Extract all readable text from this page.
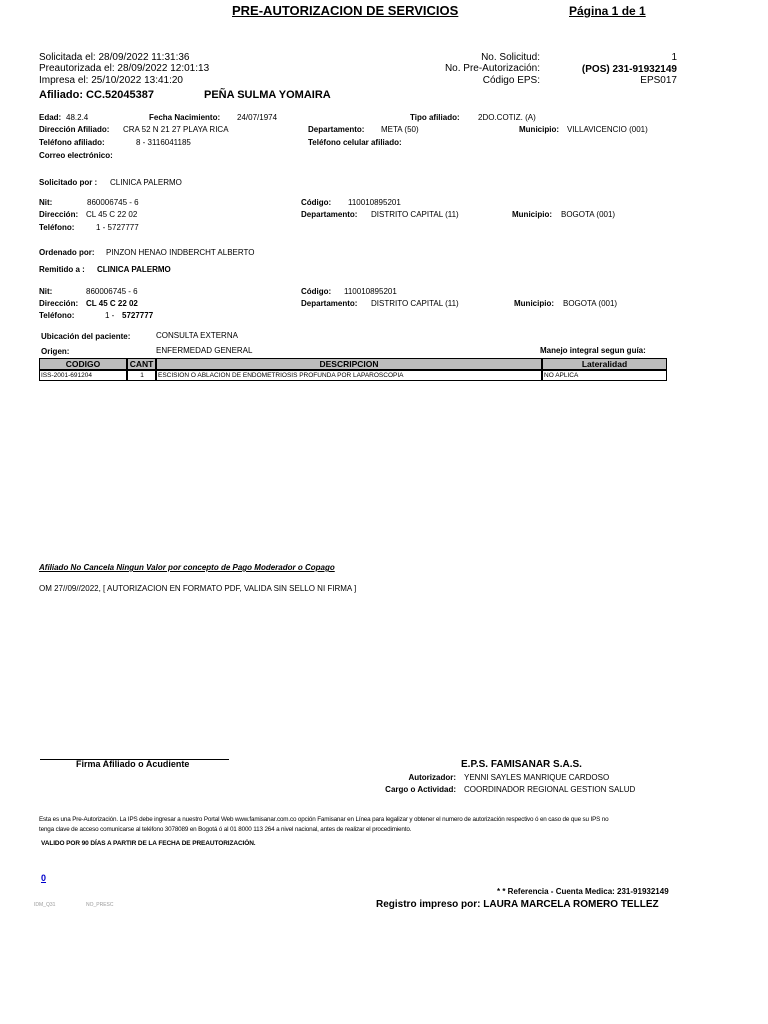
PRE-AUTORIZACION DE SERVICIOS	Página 1 de 1
Solicitada el: 28/09/2022 11:31:36
Preautorizada el: 28/09/2022 12:01:13
Impresa el: 25/10/2022 13:41:20
No. Solicitud:	1
No. Pre-Autorización:	(POS) 231-91932149
Código EPS:	EPS017
Afiliado: CC.52045387	PEÑA SULMA YOMAIRA
Edad: 48.2.4	Fecha Nacimiento: 24/07/1974	Tipo afiliado: 2DO.COTIZ. (A)
Dirección Afiliado: CRA 52 N 21 27 PLAYA RICA	Departamento: META (50)	Municipio: VILLAVICENCIO (001)
Teléfono afiliado:	8 - 3116041185	Teléfono celular afiliado:
Correo electrónico:
Solicitado por : CLINICA PALERMO
Nit:	860006745 - 6	Código: 110010895201
Dirección: CL 45 C 22 02	Departamento: DISTRITO CAPITAL (11)	Municipio: BOGOTA (001)
Teléfono:	1 - 5727777
Ordenado por: PINZON HENAO INDBERCHT ALBERTO
Remitido a : CLINICA PALERMO
Nit:	860006745 - 6	Código: 110010895201
Dirección: CL 45 C 22 02	Departamento: DISTRITO CAPITAL (11)	Municipio: BOGOTA (001)
Teléfono:	1 - 5727777
Ubicación del paciente:	CONSULTA EXTERNA
Origen:	ENFERMEDAD GENERAL	Manejo integral segun guía:
CODIGO	CANT	DESCRIPCION	Lateralidad
ISS-2001-691204	1	ESCISION O ABLACION DE ENDOMETRIOSIS PROFUNDA POR LAPAROSCOPIA	NO APLICA
Afiliado No Cancela Ningun Valor por concepto de Pago Moderador o Copago
OM 27//09//2022, [ AUTORIZACION EN FORMATO PDF, VALIDA SIN SELLO NI FIRMA ]
Firma Afiliado o Acudiente	E.P.S. FAMISANAR S.A.S.
Autorizador: YENNI SAYLES MANRIQUE CARDOSO
Cargo o Actividad: COORDINADOR REGIONAL GESTION SALUD
Esta es una Pre-Autorización. La IPS debe ingresar a nuestro Portal Web www.famisanar.com.co opción Famisanar en Línea para legalizar y obtener el numero de autorización respectivo ó en caso de que su IPS no
tenga clave de acceso comunicarse al teléfono 3078089 en Bogotá ó al 01 8000 113 264 a nivel nacional, antes de realizar el procedimiento.
VALIDO POR 90 DÍAS A PARTIR DE LA FECHA DE PREAUTORIZACIÓN.
0
* * Referencia - Cuenta Medica: 231-91932149
Registro impreso por: LAURA MARCELA ROMERO TELLEZ
IDM_Q31	NO_PRESC
